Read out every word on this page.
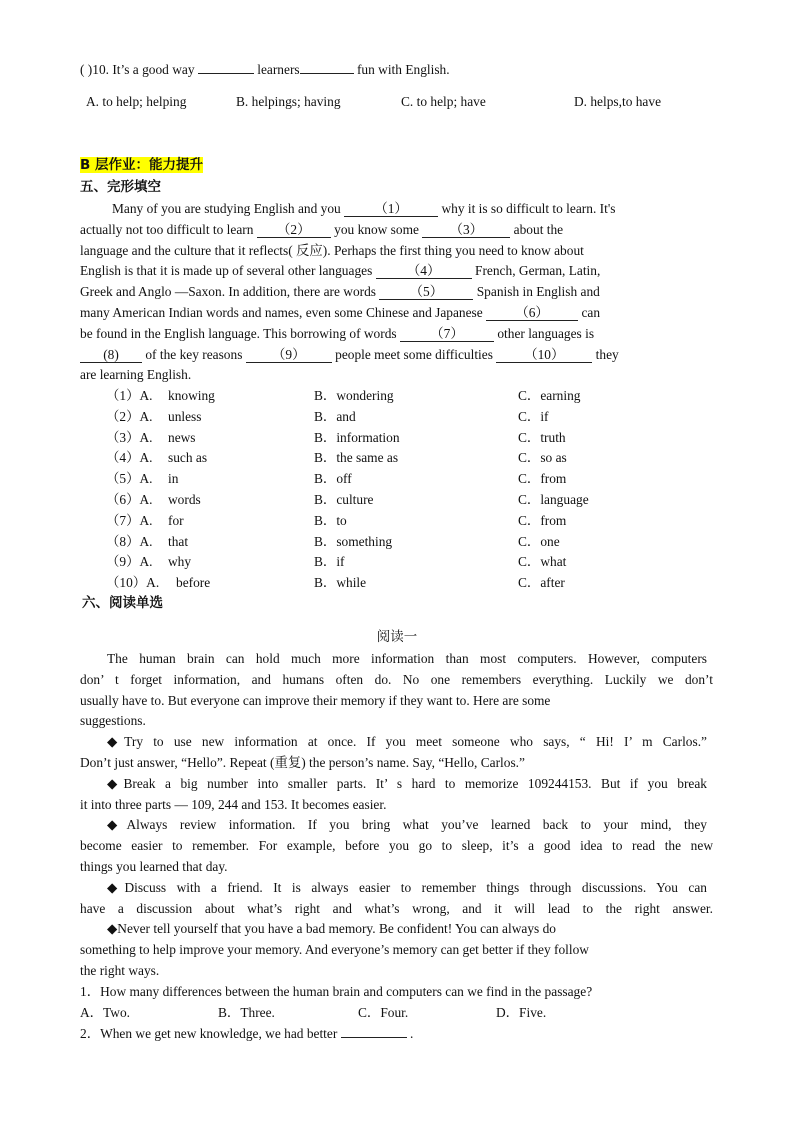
( )10. It’s a good way	learners	fun with English.
A. to help; helping	B. helpings; having	C. to help; have	D. helps,to have
B 层作业：能力提升
五、完形填空
Many of you are studying English and you	（1）	why it is so difficult to learn. It's
actually not too difficult to learn （2） you know some （3） about the
language and the culture that it reflects( 反应). Perhaps the first thing you need to know about
English is that it is made up of several other languages	（4）	French, German, Latin,
Greek and Anglo —Saxon. In addition, there are words	（5）	Spanish in English and
many American Indian words and names, even some Chinese and Japanese （6） can
be found in the English language. This borrowing of words	（7）	other languages is
(8) of the key reasons （9） people meet some difficulties （10） they
are learning English.
（1）A. knowing	B．wondering	C．earning
（2）A. unless	B．and	C．if
（3）A. news	B．information	C．truth
（4）A. such as	B．the same as	C．so as
（5）A. in	B．off	C．from
（6）A. words	B．culture	C．language
（7）A. for	B．to	C．from
（8）A. that	B．something	C．one
（9）A. why	B．if	C．what
（10）A. before	B．while	C．after
六、阅读单选
阅读一
The human brain can hold much more information than most computers. However, computers
don’ t forget information, and humans often do. No one remembers everything. Luckily we don’t
usually have to. But everyone can improve their memory if they want to. Here are some
suggestions.
◆Try to use new information at once. If you meet someone who says, “ Hi! I’ m Carlos.”
Don’t just answer, “Hello”. Repeat (重复) the person’s name. Say, “Hello, Carlos.”
◆Break a big number into smaller parts. It’ s hard to memorize 109244153. But if you break
it into three parts — 109, 244 and 153. It becomes easier.
◆Always review information. If you bring what you’ve learned back to your mind, they
become easier to remember. For example, before you go to sleep, it’s a good idea to read the new
things you learned that day.
◆Discuss with a friend. It is always easier to remember things through discussions. You can
have a discussion about what’s right and what’s wrong, and it will lead to the right answer.
◆Never tell yourself that you have a bad memory. Be confident! You can always do
something to help improve your memory. And everyone’s memory can get better if they follow
the right ways.
1．How many differences between the human brain and computers can we find in the passage?
A．Two.	B．Three.	C．Four.	D．Five.
2．When we get new knowledge, we had better	.
